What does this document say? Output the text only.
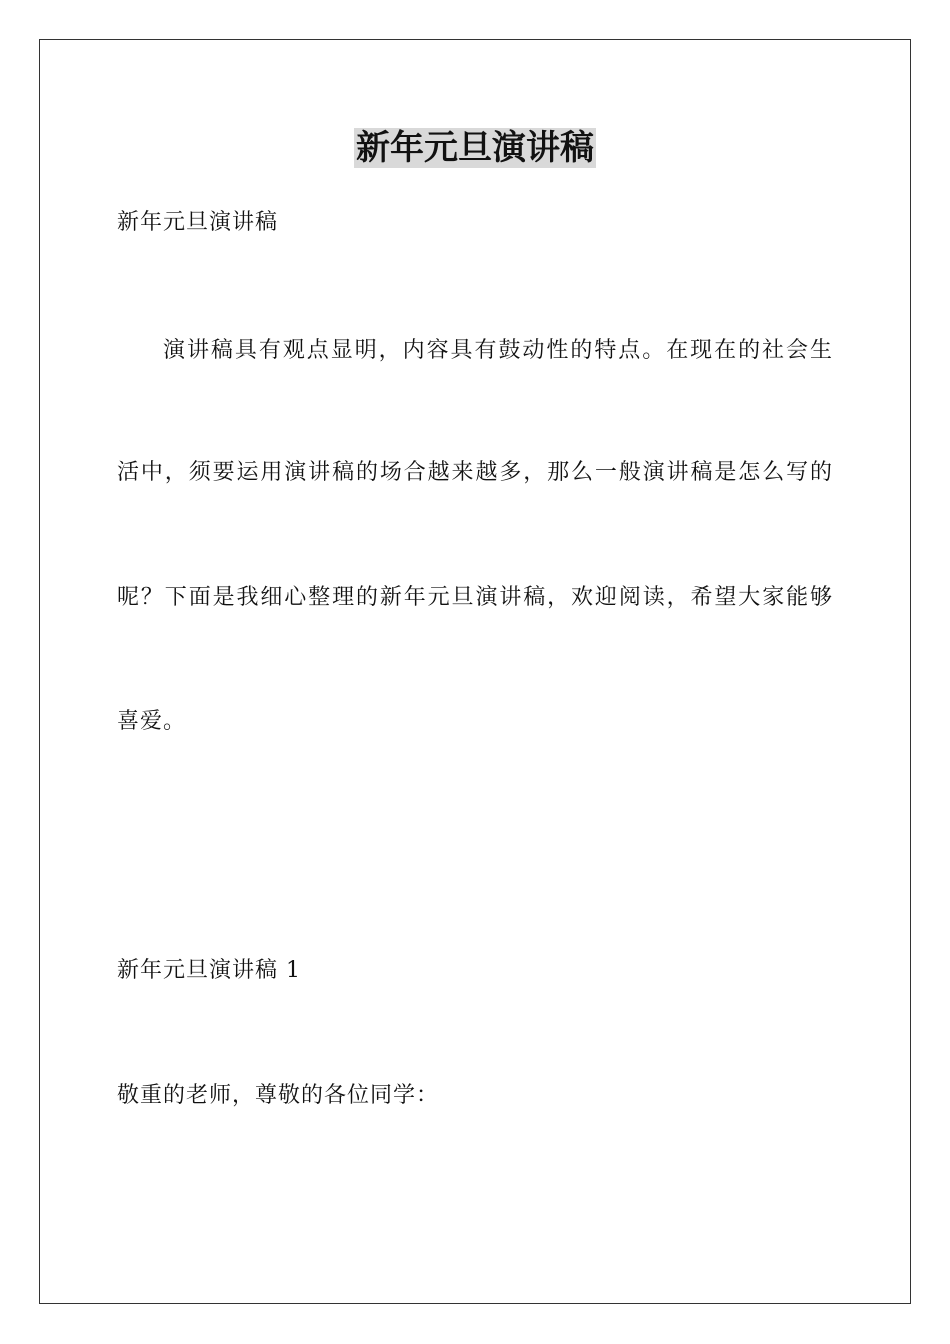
新年元旦演讲稿
新年元旦演讲稿
演讲稿具有观点显明，内容具有鼓动性的特点。在现在的社会生
活中，须要运用演讲稿的场合越来越多，那么一般演讲稿是怎么写的
呢？下面是我细心整理的新年元旦演讲稿，欢迎阅读，希望大家能够
喜爱。
新年元旦演讲稿 1
敬重的老师，尊敬的各位同学：
